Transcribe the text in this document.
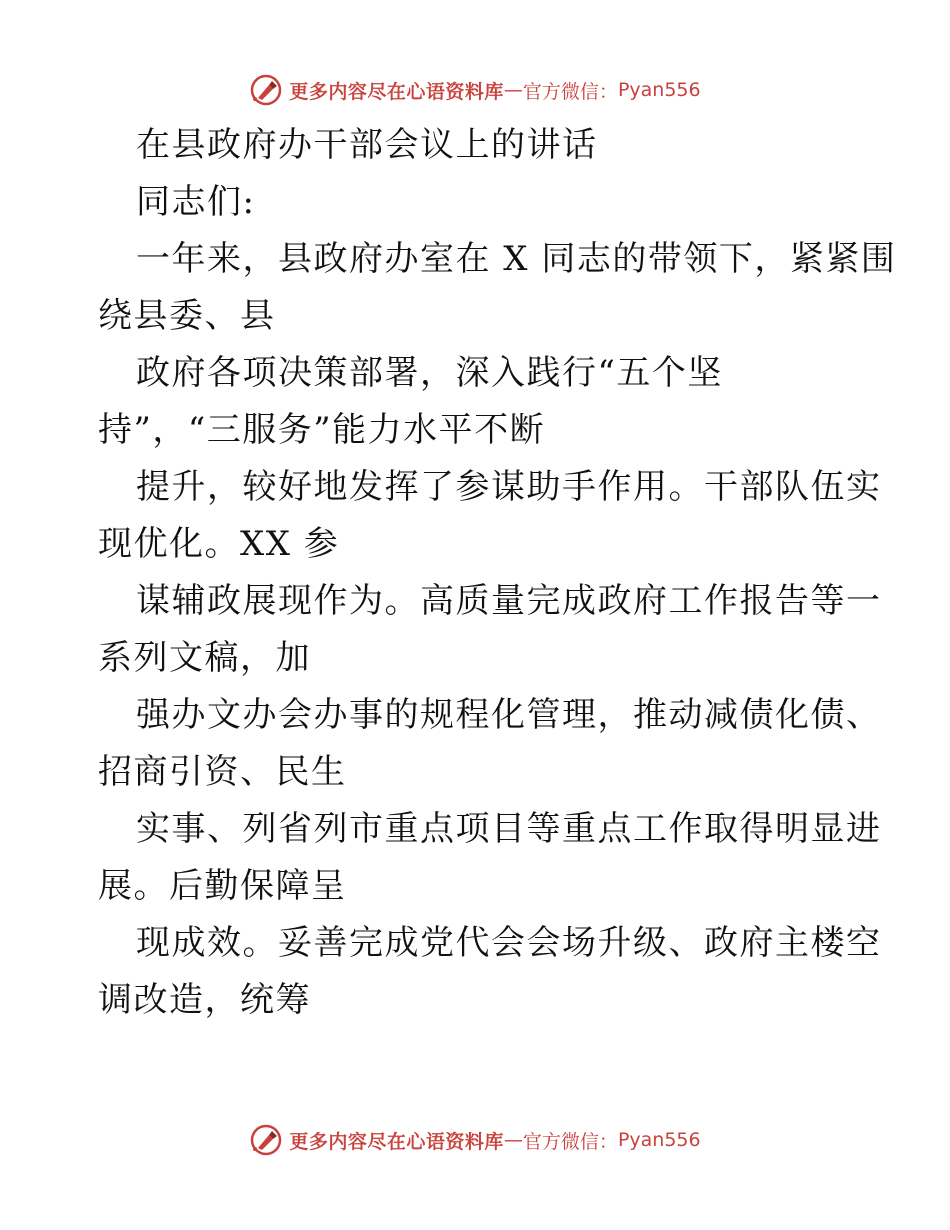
更多内容尽在心语资料库 — 官方微信： Pyan556
在县政府办干部会议上的讲话
同志们:
一年来，县政府办室在 X 同志的带领下，紧紧围
绕县委、县
政府各项决策部署，深入践行“五个坚
持”，“三服务”能力水平不断
提升，较好地发挥了参谋助手作用。干部队伍实
现优化。XX 参
谋辅政展现作为。高质量完成政府工作报告等一
系列文稿，加
强办文办会办事的规程化管理，推动减债化债、
招商引资、民生
实事、列省列市重点项目等重点工作取得明显进
展。后勤保障呈
现成效。妥善完成党代会会场升级、政府主楼空
调改造，统筹
更多内容尽在心语资料库 — 官方微信： Pyan556
